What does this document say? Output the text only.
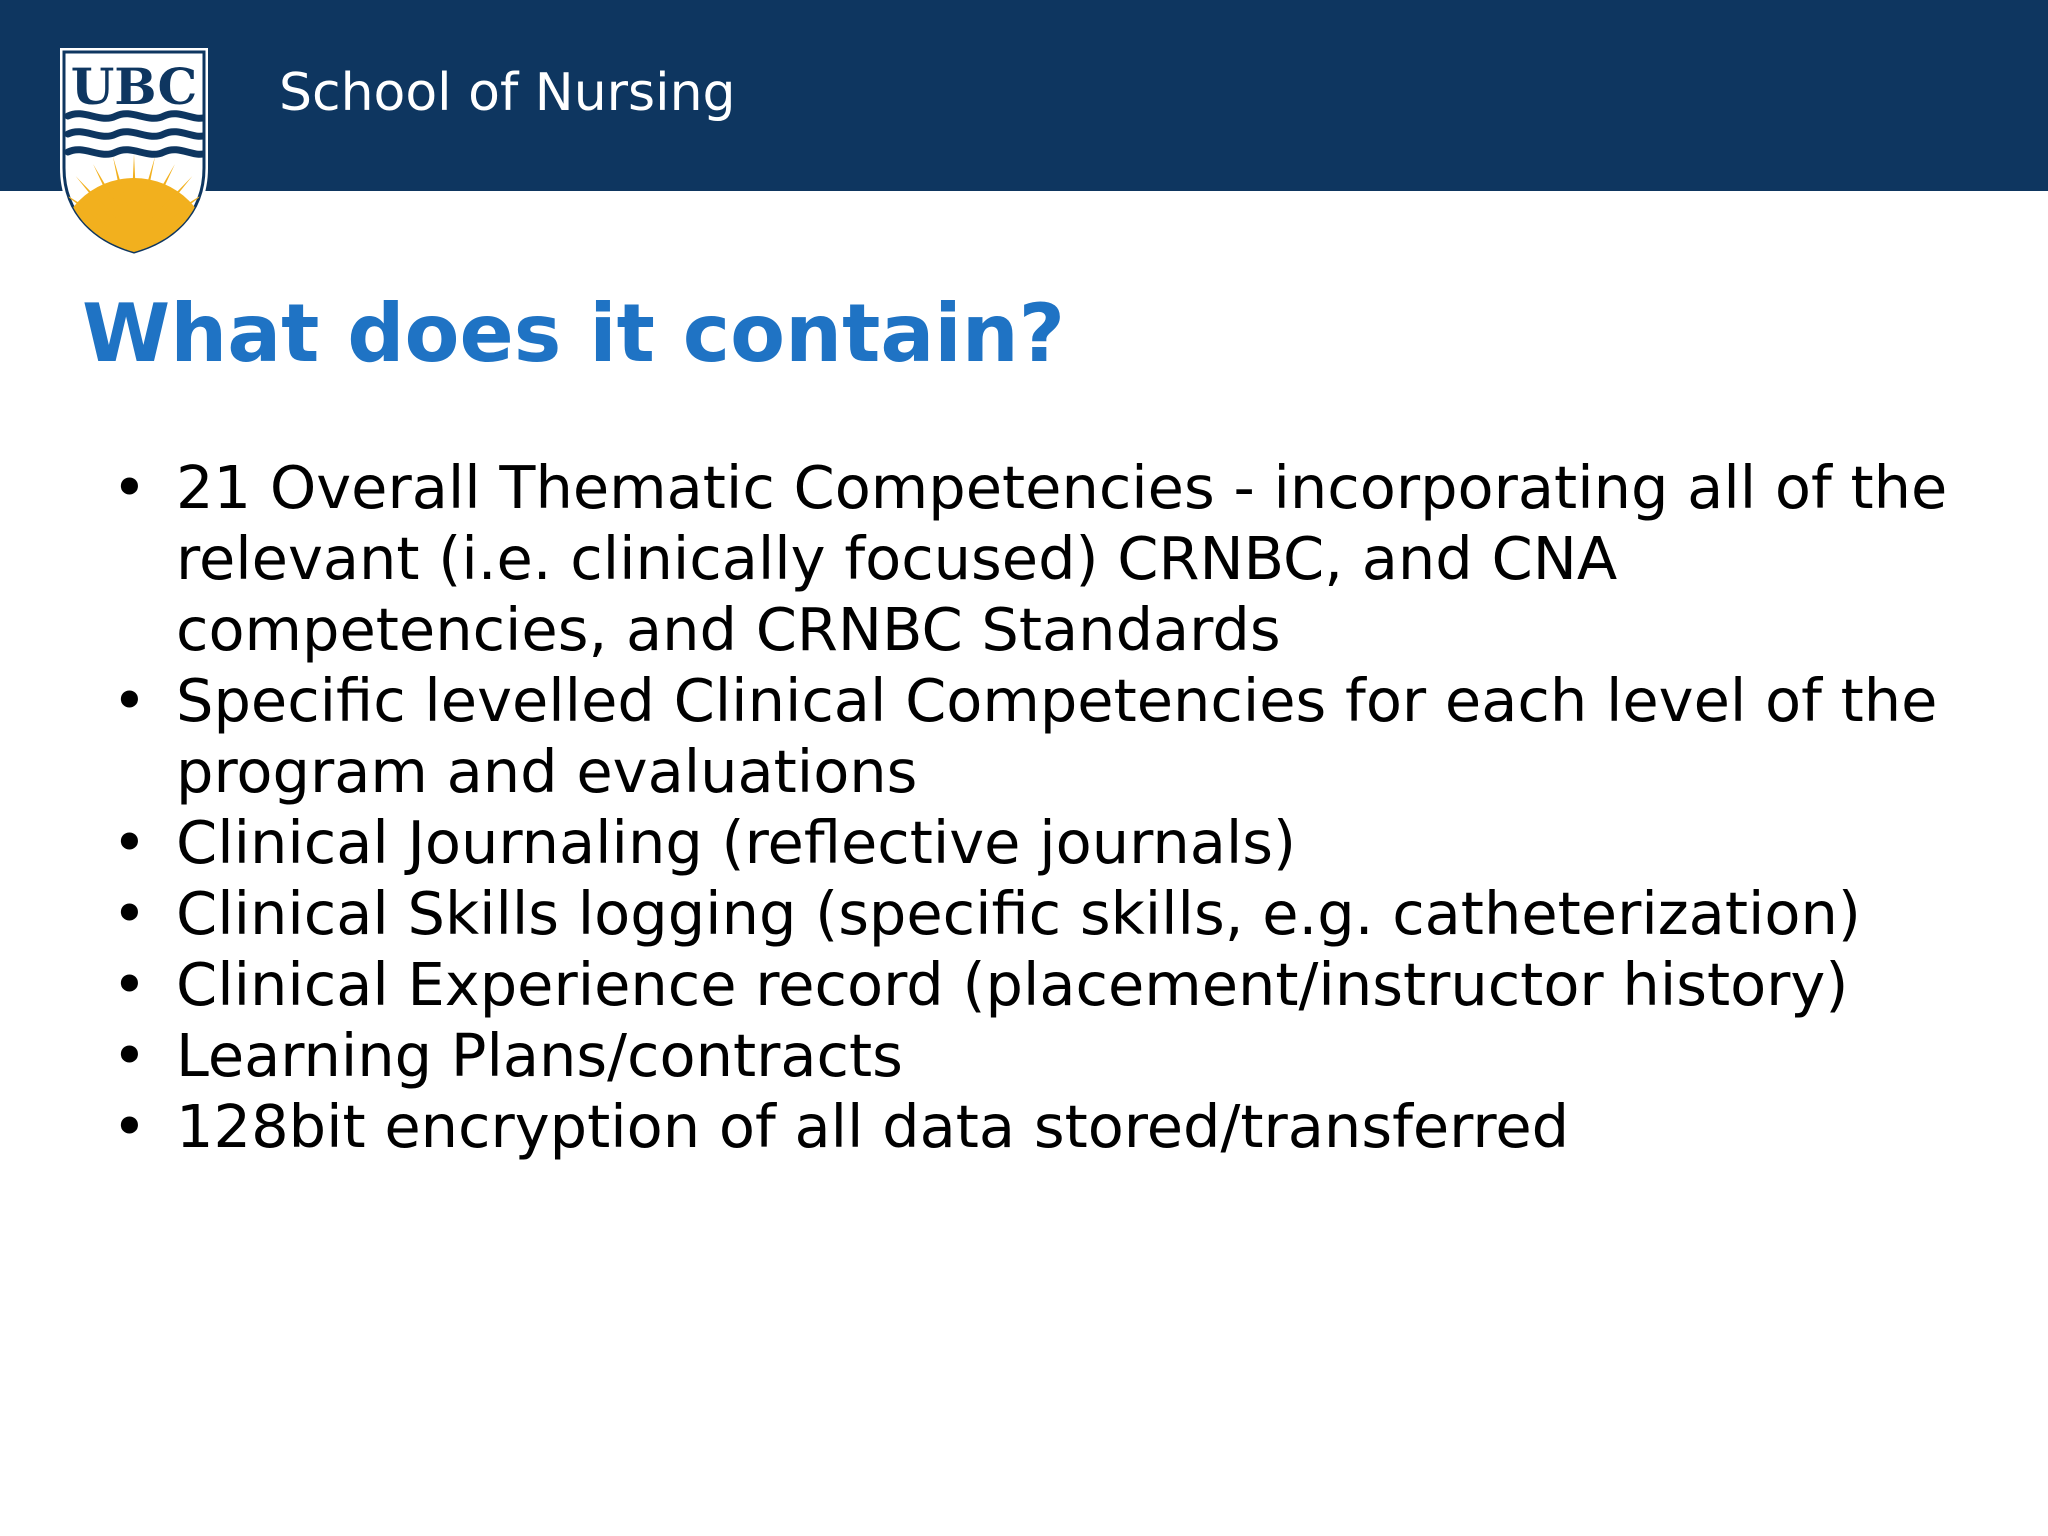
UBC School of Nursing
What does it contain?
• 21 Overall Thematic Competencies - incorporating all of the relevant (i.e. clinically focused) CRNBC, and CNA competencies, and CRNBC Standards
• Specific levelled Clinical Competencies for each level of the program and evaluations
• Clinical Journaling (reflective journals)
• Clinical Skills logging (specific skills, e.g. catheterization)
• Clinical Experience record (placement/instructor history)
• Learning Plans/contracts
• 128bit encryption of all data stored/transferred
